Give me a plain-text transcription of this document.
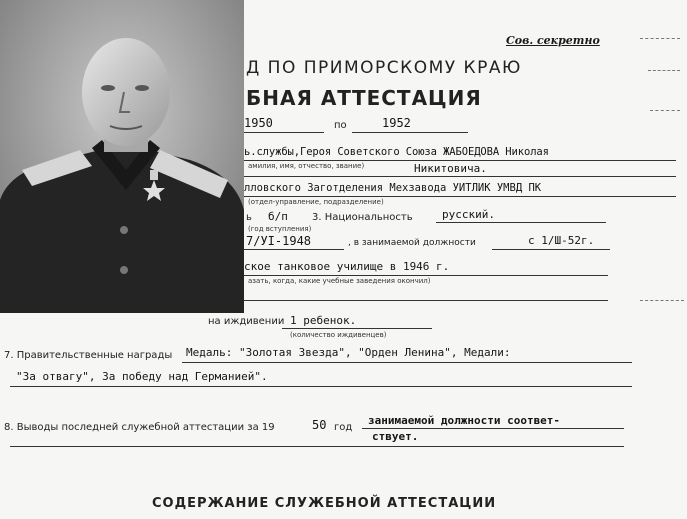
Сов. секретно
Д ПО ПРИМОРСКОМУ КРАЮ
БНАЯ АТТЕСТАЦИЯ
1950	по	1952
ь.службы,Героя Советского Союза ЖАБОЕДОВА Николая
амилия, имя, отчество, звание)	Никитовича.
лловского Заготделения Мехзавода УИТЛИК УМВД ПК
(отдел-управление, подразделение)
ь б/п 3. Национальность	русский.
(год вступления)
7/УI-1948	, в занимаемой должности	с 1/Ш-52г.
ское танковое училище в 1946 г.
азать, когда, какие учебные заведения окончил)
на иждивении 1 ребенок.
(количество иждивенцев)
7. Правительственные награды Медаль: "Золотая Звезда", "Орден Ленина", Медали:
"За отвагу", За победу над Германией".
8. Выводы последней служебной аттестации за 19	50 год
занимаемой должности соответ-
ствует.
СОДЕРЖАНИЕ СЛУЖЕБНОЙ АТТЕСТАЦИИ
